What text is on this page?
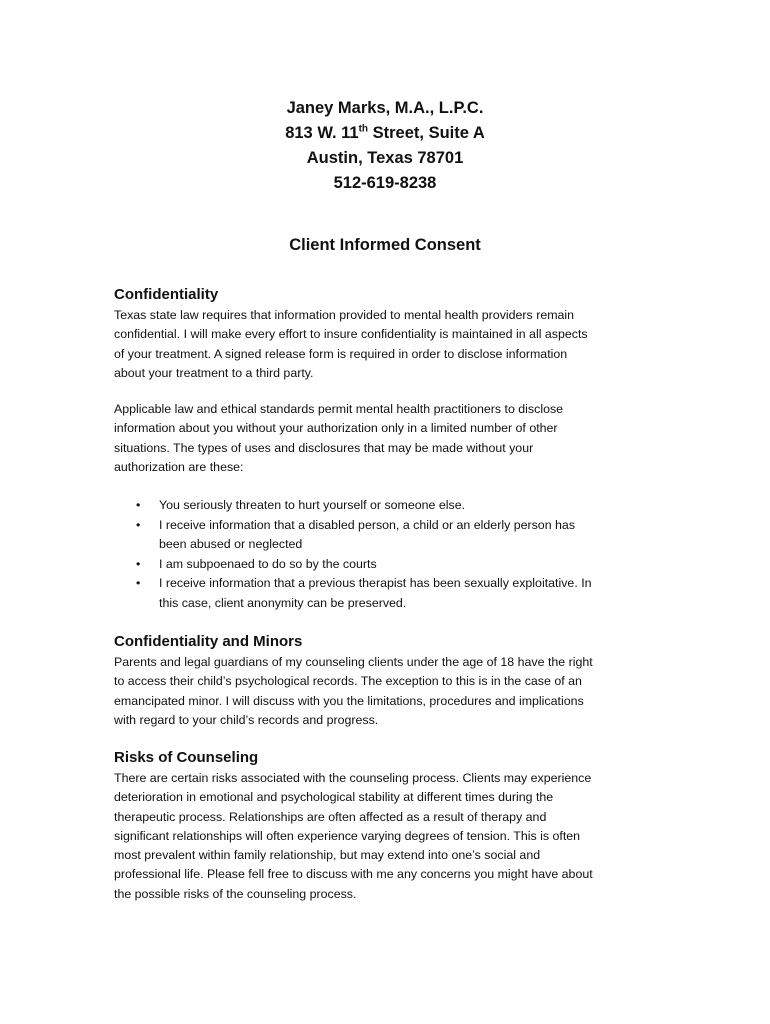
Janey Marks, M.A., L.P.C.
813 W. 11th Street, Suite A
Austin, Texas 78701
512-619-8238
Client Informed Consent
Confidentiality
Texas state law requires that information provided to mental health providers remain
confidential. I will make every effort to insure confidentiality is maintained in all aspects
of your treatment. A signed release form is required in order to disclose information
about your treatment to a third party.
Applicable law and ethical standards permit mental health practitioners to disclose
information about you without your authorization only in a limited number of other
situations. The types of uses and disclosures that may be made without your
authorization are these:
• You seriously threaten to hurt yourself or someone else.
• I receive information that a disabled person, a child or an elderly person has
been abused or neglected
• I am subpoenaed to do so by the courts
• I receive information that a previous therapist has been sexually exploitative. In
this case, client anonymity can be preserved.
Confidentiality and Minors
Parents and legal guardians of my counseling clients under the age of 18 have the right
to access their child’s psychological records. The exception to this is in the case of an
emancipated minor. I will discuss with you the limitations, procedures and implications
with regard to your child’s records and progress.
Risks of Counseling
There are certain risks associated with the counseling process. Clients may experience
deterioration in emotional and psychological stability at different times during the
therapeutic process. Relationships are often affected as a result of therapy and
significant relationships will often experience varying degrees of tension. This is often
most prevalent within family relationship, but may extend into one’s social and
professional life. Please fell free to discuss with me any concerns you might have about
the possible risks of the counseling process.
